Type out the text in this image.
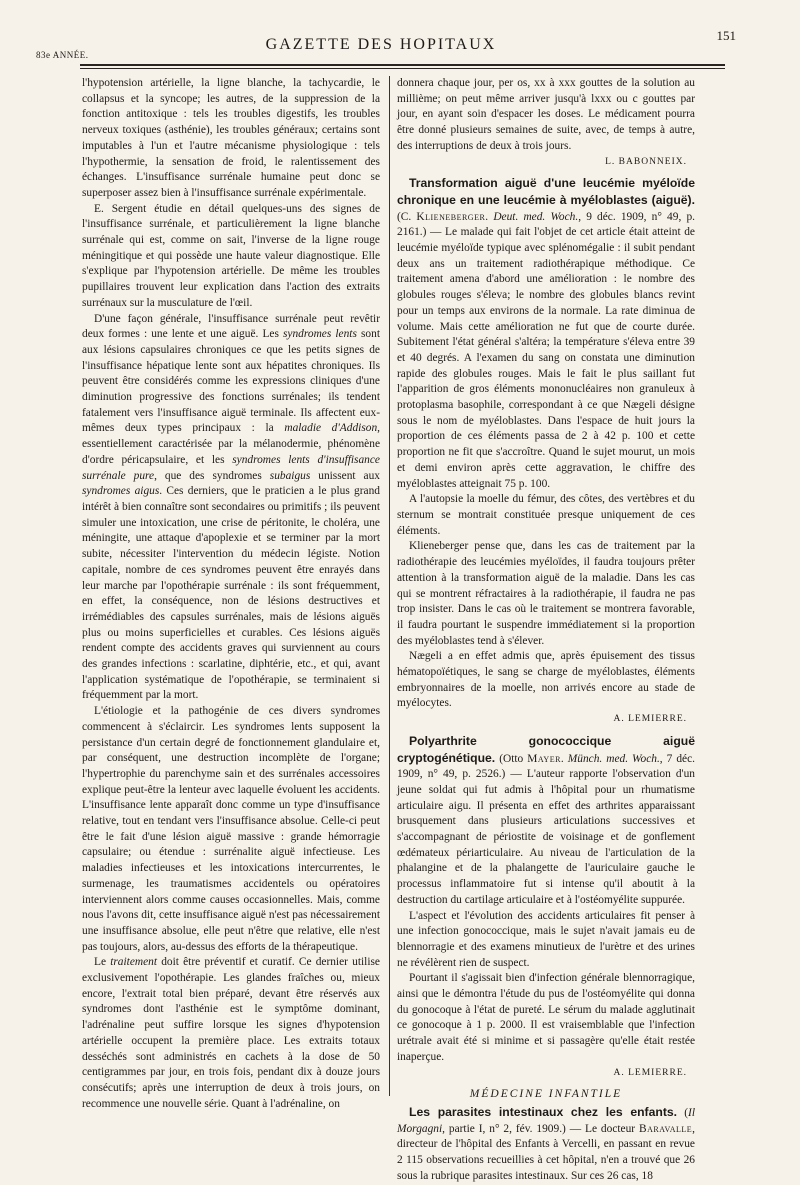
83e ANNÉE.
GAZETTE DES HOPITAUX
151

l'hypotension artérielle, la ligne blanche, la tachycardie, le collapsus et la syncope; les autres, de la suppression de la fonction antitoxique : tels les troubles digestifs, les troubles nerveux toxiques (asthénie), les troubles généraux; certains sont imputables à l'un et l'autre mécanisme physiologique : tels l'hypothermie, la sensation de froid, le ralentissement des échanges. L'insuffisance surrénale humaine peut donc se superposer assez bien à l'insuffisance surrénale expérimentale.

E. Sergent étudie en détail quelques-uns des signes de l'insuffisance surrénale, et particulièrement la ligne blanche surrénale qui est, comme on sait, l'inverse de la ligne rouge méningitique et qui possède une haute valeur diagnostique. Elle s'explique par l'hypotension artérielle. De même les troubles pupillaires trouvent leur explication dans l'action des extraits surrénaux sur la musculature de l'œil.

D'une façon générale, l'insuffisance surrénale peut revêtir deux formes : une lente et une aiguë. Les syndromes lents sont aux lésions capsulaires chroniques ce que les petits signes de l'insuffisance hépatique lente sont aux hépatites chroniques. Ils peuvent être considérés comme les expressions cliniques d'une diminution progressive des fonctions surrénales; ils tendent fatalement vers l'insuffisance aiguë terminale. Ils affectent eux-mêmes deux types principaux : la maladie d'Addison, essentiellement caractérisée par la mélanodermie, phénomène d'ordre péricapsulaire, et les syndromes lents d'insuffisance surrénale pure, que des syndromes subaigus unissent aux syndromes aigus. Ces derniers, que le praticien a le plus grand intérêt à bien connaître sont secondaires ou primitifs ; ils peuvent simuler une intoxication, une crise de péritonite, le choléra, une méningite, une attaque d'apoplexie et se terminer par la mort subite, nécessiter l'intervention du médecin légiste. Notion capitale, nombre de ces syndromes peuvent être enrayés dans leur marche par l'opothérapie surrénale : ils sont fréquemment, en effet, la conséquence, non de lésions destructives et irrémédiables des capsules surrénales, mais de lésions aiguës plus ou moins superficielles et curables. Ces lésions aiguës rendent compte des accidents graves qui surviennent au cours des grandes infections : scarlatine, diphtérie, etc., et qui, avant l'application systématique de l'opothérapie, se terminaient si fréquemment par la mort.

L'étiologie et la pathogénie de ces divers syndromes commencent à s'éclaircir. Les syndromes lents supposent la persistance d'un certain degré de fonctionnement glandulaire et, par conséquent, une destruction incomplète de l'organe; l'hypertrophie du parenchyme sain et des surrénales accessoires explique peut-être la lenteur avec laquelle évoluent les accidents. L'insuffisance lente apparaît donc comme un type d'insuffisance relative, tout en tendant vers l'insuffisance absolue. Celle-ci peut être le fait d'une lésion aiguë massive : grande hémorragie capsulaire; ou étendue : surrénalite aiguë infectieuse. Les maladies infectieuses et les intoxications intercurrentes, le surmenage, les traumatismes accidentels ou opératoires interviennent alors comme causes occasionnelles. Mais, comme nous l'avons dit, cette insuffisance aiguë n'est pas nécessairement une insuffisance absolue, elle peut n'être que relative, elle n'est pas toujours, alors, au-dessus des efforts de la thérapeutique.

Le traitement doit être préventif et curatif. Ce dernier utilise exclusivement l'opothérapie. Les glandes fraîches ou, mieux encore, l'extrait total bien préparé, devant être réservés aux syndromes dont l'asthénie est le symptôme dominant, l'adrénaline peut suffire lorsque les signes d'hypotension artérielle occupent la première place. Les extraits totaux desséchés sont administrés en cachets à la dose de 50 centigrammes par jour, en trois fois, pendant dix à douze jours consécutifs; après une interruption de deux à trois jours, on recommence une nouvelle série. Quant à l'adrénaline, on

donnera chaque jour, per os, xx à xxx gouttes de la solution au millième; on peut même arriver jusqu'à lxxx ou c gouttes par jour, en ayant soin d'espacer les doses. Le médicament pourra être donné plusieurs semaines de suite, avec, de temps à autre, des interruptions de deux à trois jours.

L. BABONNEIX.

Transformation aiguë d'une leucémie myéloïde chronique en une leucémie à myéloblastes (aiguë). (C. Klieneberger. Deut. med. Woch., 9 déc. 1909, n° 49, p. 2161.) — Le malade qui fait l'objet de cet article était atteint de leucémie myéloïde typique avec splénomégalie : il subit pendant deux ans un traitement radiothérapique méthodique. Ce traitement amena d'abord une amélioration : le nombre des globules rouges s'éleva; le nombre des globules blancs revint pour un temps aux environs de la normale. La rate diminua de volume. Mais cette amélioration ne fut que de courte durée. Subitement l'état général s'altéra; la température s'éleva entre 39 et 40 degrés. A l'examen du sang on constata une diminution rapide des globules rouges. Mais le fait le plus saillant fut l'apparition de gros éléments mononucléaires non granuleux à protoplasma basophile, correspondant à ce que Nægeli désigne sous le nom de myéloblastes. Dans l'espace de huit jours la proportion de ces éléments passa de 2 à 42 p. 100 et cette proportion ne fit que s'accroître. Quand le sujet mourut, un mois et demi environ après cette aggravation, le chiffre des myéloblastes atteignait 75 p. 100.

A l'autopsie la moelle du fémur, des côtes, des vertèbres et du sternum se montrait constituée presque uniquement de ces éléments.

Klieneberger pense que, dans les cas de traitement par la radiothérapie des leucémies myéloïdes, il faudra toujours prêter attention à la transformation aiguë de la maladie. Dans les cas qui se montrent réfractaires à la radiothérapie, il faudra ne pas trop insister. Dans le cas où le traitement se montrera favorable, il faudra pourtant le suspendre immédiatement si la proportion des myéloblastes tend à s'élever.

Nægeli a en effet admis que, après épuisement des tissus hématopoïétiques, le sang se charge de myéloblastes, éléments embryonnaires de la moelle, non arrivés encore au stade de myélocytes.

A. LEMIERRE.

Polyarthrite gonococcique aiguë cryptogénétique. (Otto Mayer. Münch. med. Woch., 7 déc. 1909, n° 49, p. 2526.) — L'auteur rapporte l'observation d'un jeune soldat qui fut admis à l'hôpital pour un rhumatisme articulaire aigu. Il présenta en effet des arthrites apparaissant brusquement dans plusieurs articulations successives et s'accompagnant de périostite de voisinage et de gonflement œdémateux périarticulaire. Au niveau de l'articulation de la phalangine et de la phalangette de l'auriculaire gauche le processus inflammatoire fut si intense qu'il aboutit à la destruction du cartilage articulaire et à l'ostéomyélite suppurée.

L'aspect et l'évolution des accidents articulaires fit penser à une infection gonococcique, mais le sujet n'avait jamais eu de blennorragie et des examens minutieux de l'urètre et des urines ne révélèrent rien de suspect.

Pourtant il s'agissait bien d'infection générale blennorragique, ainsi que le démontra l'étude du pus de l'ostéomyélite qui donna du gonocoque à l'état de pureté. Le sérum du malade agglutinait ce gonocoque à 1 p. 2000. Il est vraisemblable que l'infection urétrale avait été si minime et si passagère qu'elle était restée inaperçue.

A. LEMIERRE.

MÉDECINE INFANTILE

Les parasites intestinaux chez les enfants. (Il Morgagni, partie I, n° 2, fév. 1909.) — Le docteur Baravalle, directeur de l'hôpital des Enfants à Vercelli, en passant en revue 2 115 observations recueillies à cet hôpital, n'en a trouvé que 26 sous la rubrique parasites intestinaux. Sur ces 26 cas, 18
